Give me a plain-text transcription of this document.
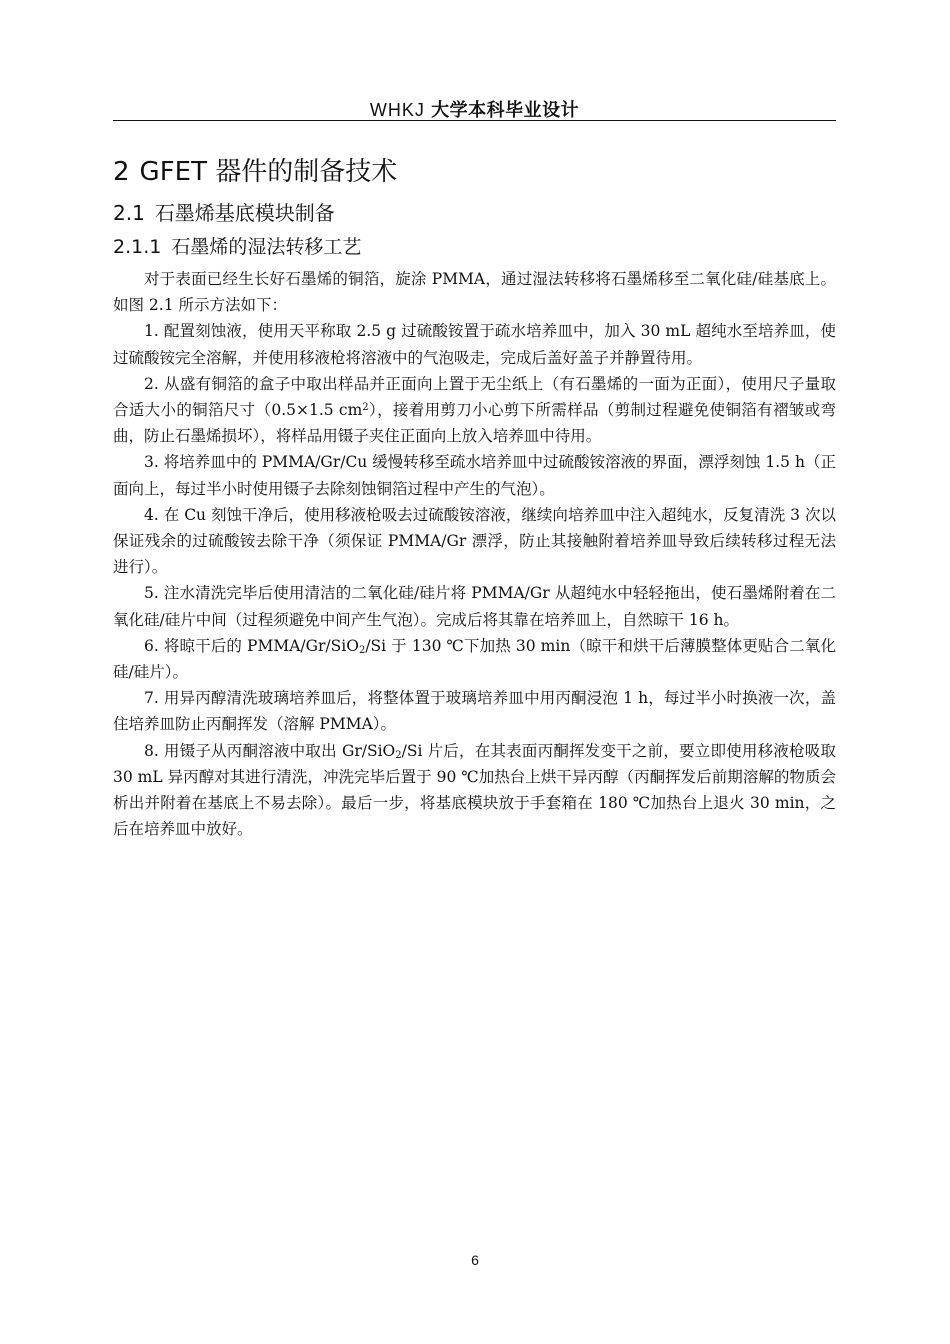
WHKJ 大学本科毕业设计
2 GFET 器件的制备技术
2.1 石墨烯基底模块制备
2.1.1 石墨烯的湿法转移工艺

对于表面已经生长好石墨烯的铜箔，旋涂 PMMA，通过湿法转移将石墨烯移至二氧化硅/硅基底上。如图 2.1 所示方法如下：

1. 配置刻蚀液，使用天平称取 2.5 g 过硫酸铵置于疏水培养皿中，加入 30 mL 超纯水至培养皿，使过硫酸铵完全溶解，并使用移液枪将溶液中的气泡吸走，完成后盖好盖子并静置待用。

2. 从盛有铜箔的盒子中取出样品并正面向上置于无尘纸上（有石墨烯的一面为正面），使用尺子量取合适大小的铜箔尺寸（0.5×1.5 $cm^2$），接着用剪刀小心剪下所需样品（剪制过程避免使铜箔有褶皱或弯曲，防止石墨烯损坏），将样品用镊子夹住正面向上放入培养皿中待用。

3. 将培养皿中的 PMMA/Gr/Cu 缓慢转移至疏水培养皿中过硫酸铵溶液的界面，漂浮刻蚀 1.5 h（正面向上，每过半小时使用镊子去除刻蚀铜箔过程中产生的气泡）。

4. 在 Cu 刻蚀干净后，使用移液枪吸去过硫酸铵溶液，继续向培养皿中注入超纯水，反复清洗 3 次以保证残余的过硫酸铵去除干净（须保证 PMMA/Gr 漂浮，防止其接触附着培养皿导致后续转移过程无法进行）。

5. 注水清洗完毕后使用清洁的二氧化硅/硅片将 PMMA/Gr 从超纯水中轻轻拖出，使石墨烯附着在二氧化硅/硅片中间（过程须避免中间产生气泡）。完成后将其靠在培养皿上，自然晾干 16 h。

6. 将晾干后的 PMMA/Gr/SiO$_2$/Si 于 130 ℃下加热 30 min（晾干和烘干后薄膜整体更贴合二氧化硅/硅片）。

7. 用异丙醇清洗玻璃培养皿后，将整体置于玻璃培养皿中用丙酮浸泡 1 h，每过半小时换液一次，盖住培养皿防止丙酮挥发（溶解 PMMA）。

8. 用镊子从丙酮溶液中取出 Gr/SiO$_2$/Si 片后，在其表面丙酮挥发变干之前，要立即使用移液枪吸取 30 mL 异丙醇对其进行清洗，冲洗完毕后置于 90 ℃加热台上烘干异丙醇（丙酮挥发后前期溶解的物质会析出并附着在基底上不易去除）。最后一步，将基底模块放于手套箱在 180 ℃加热台上退火 30 min，之后在培养皿中放好。

6
